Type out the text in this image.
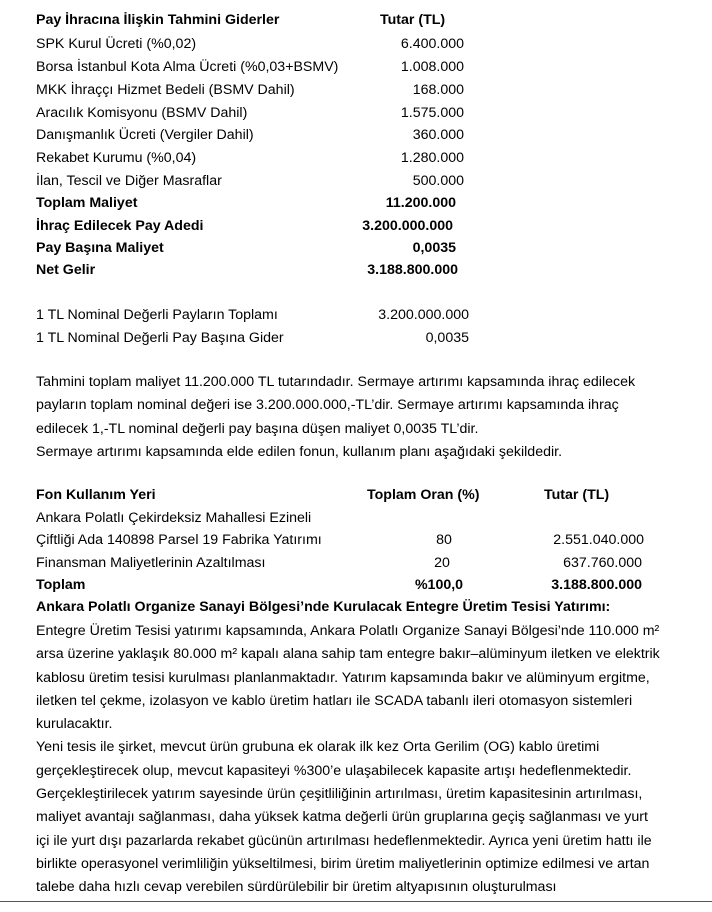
Pay İhracına İlişkin Tahmini Giderler	Tutar (TL)
SPK Kurul Ücreti (%0,02)	6.400.000
Borsa İstanbul Kota Alma Ücreti (%0,03+BSMV)	1.008.000
MKK İhraççı Hizmet Bedeli (BSMV Dahil)	168.000
Aracılık Komisyonu (BSMV Dahil)	1.575.000
Danışmanlık Ücreti (Vergiler Dahil)	360.000
Rekabet Kurumu (%0,04)	1.280.000
İlan, Tescil ve Diğer Masraflar	500.000
Toplam Maliyet	11.200.000
İhraç Edilecek Pay Adedi	3.200.000.000
Pay Başına Maliyet	0,0035
Net Gelir	3.188.800.000
1 TL Nominal Değerli Payların Toplamı	3.200.000.000
1 TL Nominal Değerli Pay Başına Gider	0,0035
Tahmini toplam maliyet 11.200.000 TL tutarındadır. Sermaye artırımı kapsamında ihraç edilecek
payların toplam nominal değeri ise 3.200.000.000,-TL’dir. Sermaye artırımı kapsamında ihraç
edilecek 1,-TL nominal değerli pay başına düşen maliyet 0,0035 TL’dir.
Sermaye artırımı kapsamında elde edilen fonun, kullanım planı aşağıdaki şekildedir.
Fon Kullanım Yeri	Toplam Oran (%)	Tutar (TL)
Ankara Polatlı Çekirdeksiz Mahallesi Ezineli
Çiftliği Ada 140898 Parsel 19 Fabrika Yatırımı	80	2.551.040.000
Finansman Maliyetlerinin Azaltılması	20	637.760.000
Toplam	%100,0	3.188.800.000
Ankara Polatlı Organize Sanayi Bölgesi’nde Kurulacak Entegre Üretim Tesisi Yatırımı:
Entegre Üretim Tesisi yatırımı kapsamında, Ankara Polatlı Organize Sanayi Bölgesi’nde 110.000 m²
arsa üzerine yaklaşık 80.000 m² kapalı alana sahip tam entegre bakır–alüminyum iletken ve elektrik
kablosu üretim tesisi kurulması planlanmaktadır. Yatırım kapsamında bakır ve alüminyum ergitme,
iletken tel çekme, izolasyon ve kablo üretim hatları ile SCADA tabanlı ileri otomasyon sistemleri
kurulacaktır.
Yeni tesis ile şirket, mevcut ürün grubuna ek olarak ilk kez Orta Gerilim (OG) kablo üretimi
gerçekleştirecek olup, mevcut kapasiteyi %300’e ulaşabilecek kapasite artışı hedeflenmektedir.
Gerçekleştirilecek yatırım sayesinde ürün çeşitliliğinin artırılması, üretim kapasitesinin artırılması,
maliyet avantajı sağlanması, daha yüksek katma değerli ürün gruplarına geçiş sağlanması ve yurt
içi ile yurt dışı pazarlarda rekabet gücünün artırılması hedeflenmektedir. Ayrıca yeni üretim hattı ile
birlikte operasyonel verimliliğin yükseltilmesi, birim üretim maliyetlerinin optimize edilmesi ve artan
talebe daha hızlı cevap verebilen sürdürülebilir bir üretim altyapısının oluşturulması
